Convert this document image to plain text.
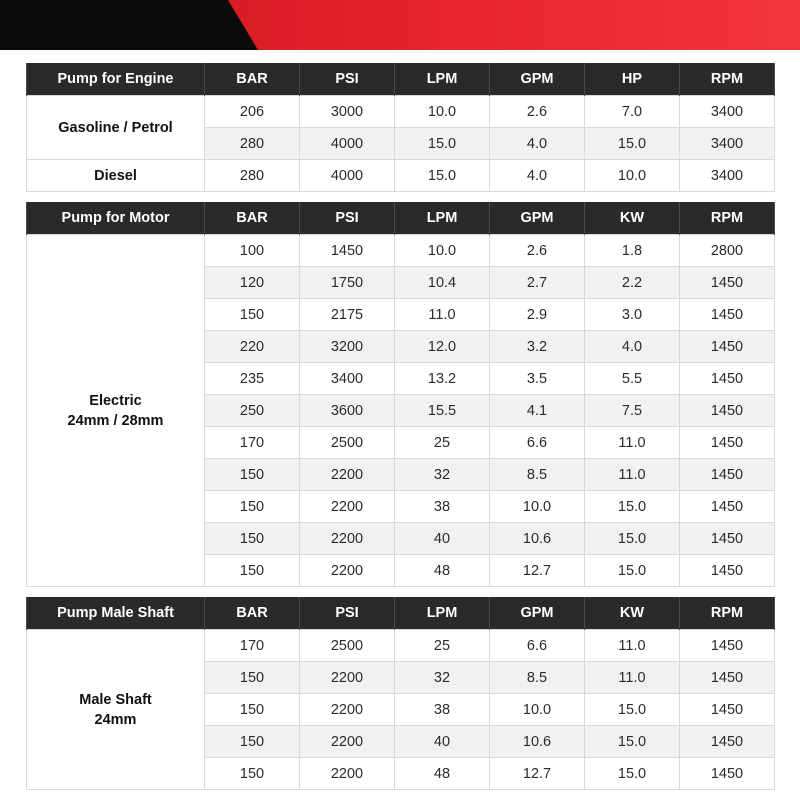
Pump for Engine	BAR	PSI	LPM	GPM	HP	RPM
Gasoline / Petrol	206	3000	10.0	2.6	7.0	3400
	280	4000	15.0	4.0	15.0	3400
Diesel	280	4000	15.0	4.0	10.0	3400
Pump for Motor	BAR	PSI	LPM	GPM	KW	RPM
Electric
24mm / 28mm	100	1450	10.0	2.6	1.8	2800
	120	1750	10.4	2.7	2.2	1450
	150	2175	11.0	2.9	3.0	1450
	220	3200	12.0	3.2	4.0	1450
	235	3400	13.2	3.5	5.5	1450
	250	3600	15.5	4.1	7.5	1450
	170	2500	25	6.6	11.0	1450
	150	2200	32	8.5	11.0	1450
	150	2200	38	10.0	15.0	1450
	150	2200	40	10.6	15.0	1450
	150	2200	48	12.7	15.0	1450
Pump Male Shaft	BAR	PSI	LPM	GPM	KW	RPM
Male Shaft
24mm	170	2500	25	6.6	11.0	1450
	150	2200	32	8.5	11.0	1450
	150	2200	38	10.0	15.0	1450
	150	2200	40	10.6	15.0	1450
	150	2200	48	12.7	15.0	1450
